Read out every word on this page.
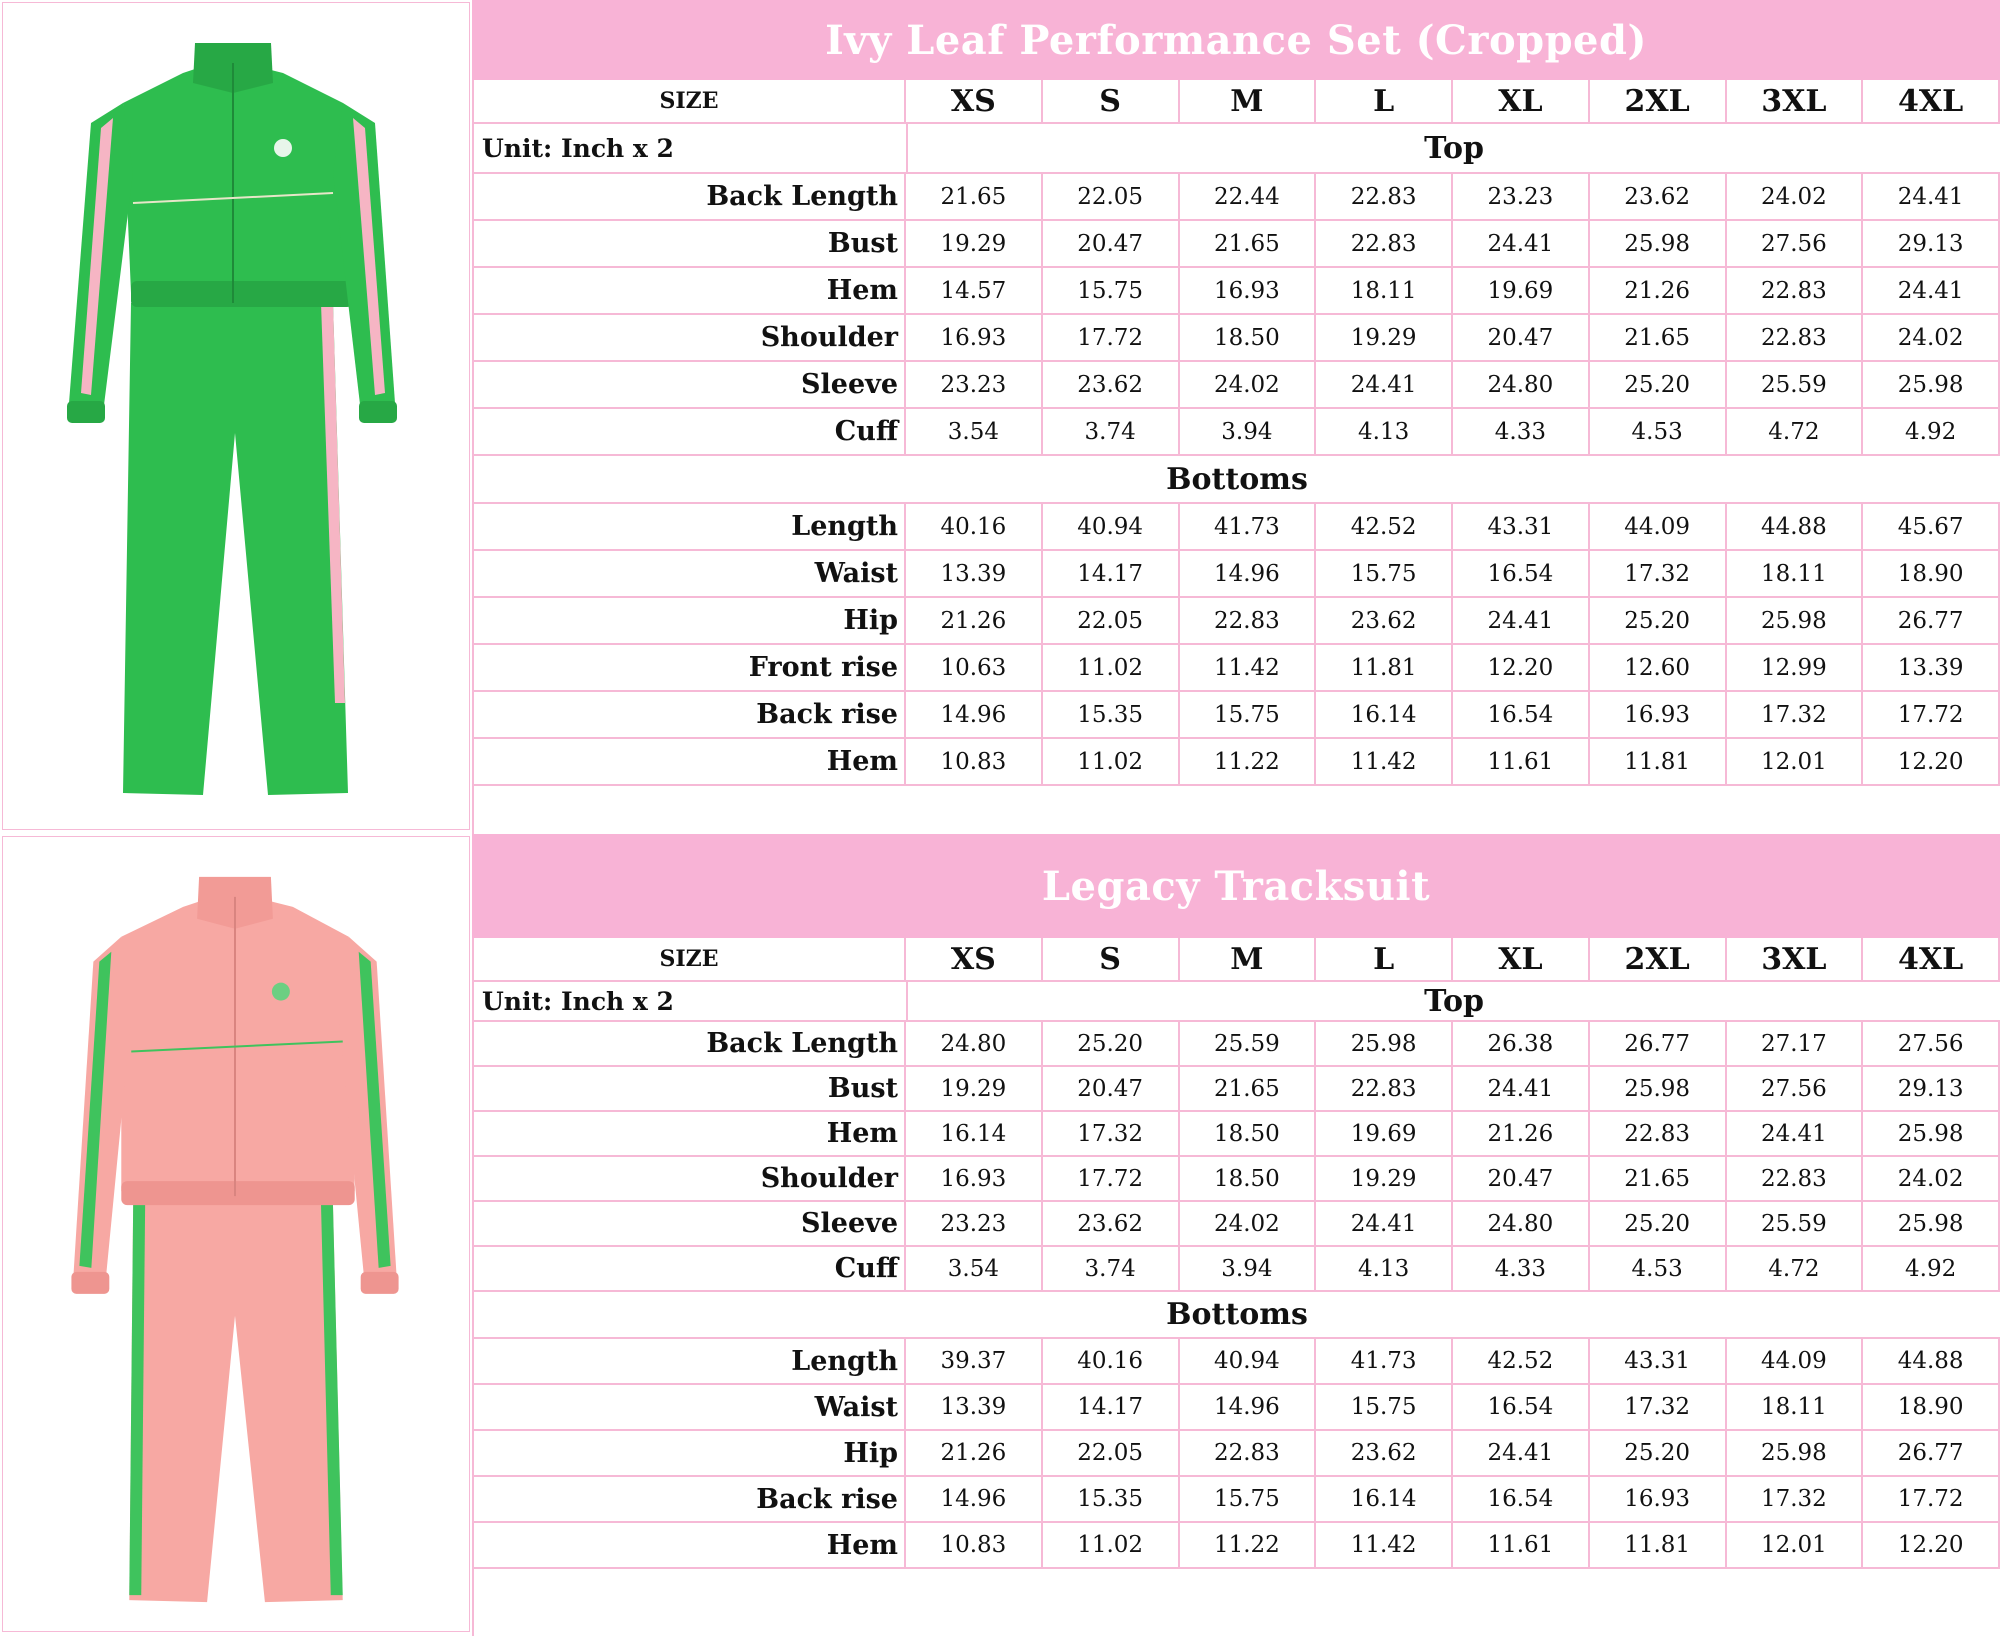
Ivy Leaf Performance Set (Cropped)
SIZE	XS	S	M	L	XL	2XL	3XL	4XL
Unit: Inch x 2	Top
Back Length	21.65	22.05	22.44	22.83	23.23	23.62	24.02	24.41
Bust	19.29	20.47	21.65	22.83	24.41	25.98	27.56	29.13
Hem	14.57	15.75	16.93	18.11	19.69	21.26	22.83	24.41
Shoulder	16.93	17.72	18.50	19.29	20.47	21.65	22.83	24.02
Sleeve	23.23	23.62	24.02	24.41	24.80	25.20	25.59	25.98
Cuff	3.54	3.74	3.94	4.13	4.33	4.53	4.72	4.92
Bottoms
Length	40.16	40.94	41.73	42.52	43.31	44.09	44.88	45.67
Waist	13.39	14.17	14.96	15.75	16.54	17.32	18.11	18.90
Hip	21.26	22.05	22.83	23.62	24.41	25.20	25.98	26.77
Front rise	10.63	11.02	11.42	11.81	12.20	12.60	12.99	13.39
Back rise	14.96	15.35	15.75	16.14	16.54	16.93	17.32	17.72
Hem	10.83	11.02	11.22	11.42	11.61	11.81	12.01	12.20
Legacy Tracksuit
SIZE	XS	S	M	L	XL	2XL	3XL	4XL
Unit: Inch x 2	Top
Back Length	24.80	25.20	25.59	25.98	26.38	26.77	27.17	27.56
Bust	19.29	20.47	21.65	22.83	24.41	25.98	27.56	29.13
Hem	16.14	17.32	18.50	19.69	21.26	22.83	24.41	25.98
Shoulder	16.93	17.72	18.50	19.29	20.47	21.65	22.83	24.02
Sleeve	23.23	23.62	24.02	24.41	24.80	25.20	25.59	25.98
Cuff	3.54	3.74	3.94	4.13	4.33	4.53	4.72	4.92
Bottoms
Length	39.37	40.16	40.94	41.73	42.52	43.31	44.09	44.88
Waist	13.39	14.17	14.96	15.75	16.54	17.32	18.11	18.90
Hip	21.26	22.05	22.83	23.62	24.41	25.20	25.98	26.77
Back rise	14.96	15.35	15.75	16.14	16.54	16.93	17.32	17.72
Hem	10.83	11.02	11.22	11.42	11.61	11.81	12.01	12.20
